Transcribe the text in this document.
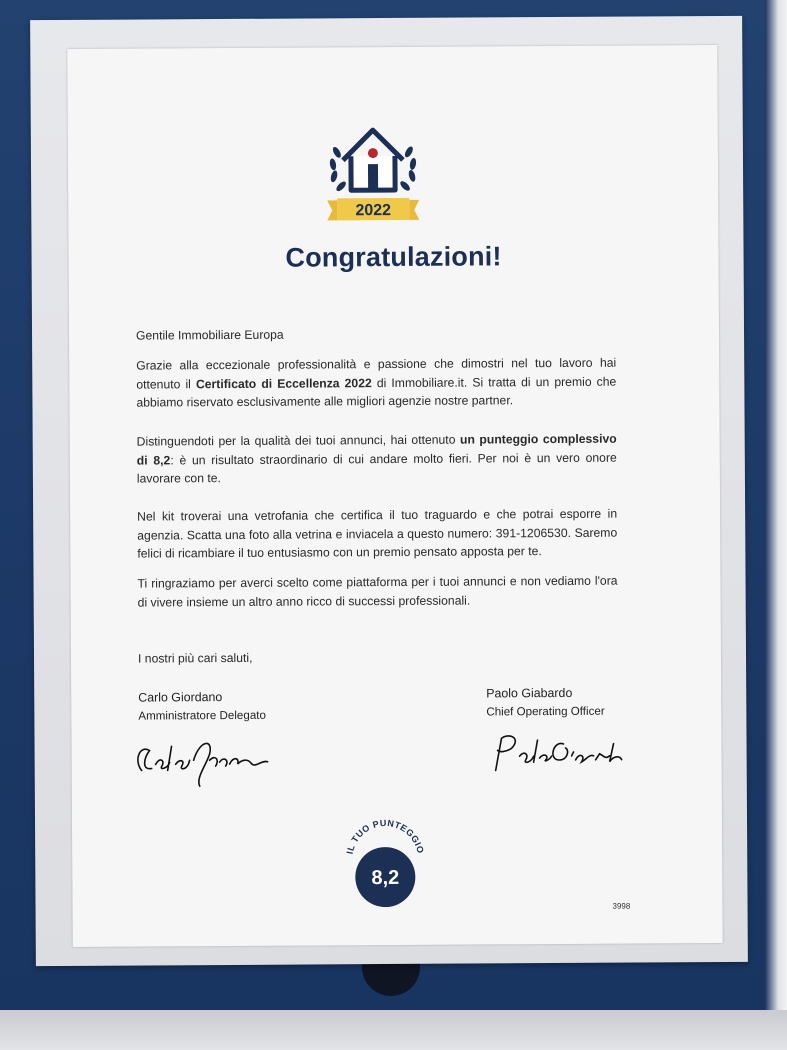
2022
Congratulazioni!
Gentile Immobiliare Europa
Grazie alla eccezionale professionalità e passione che dimostri nel tuo lavoro hai ottenuto il Certificato di Eccellenza 2022 di Immobiliare.it. Si tratta di un premio che abbiamo riservato esclusivamente alle migliori agenzie nostre partner.
Distinguendoti per la qualità dei tuoi annunci, hai ottenuto un punteggio complessivo di 8,2: è un risultato straordinario di cui andare molto fieri. Per noi è un vero onore lavorare con te.
Nel kit troverai una vetrofania che certifica il tuo traguardo e che potrai esporre in agenzia. Scatta una foto alla vetrina e inviacela a questo numero: 391-1206530. Saremo felici di ricambiare il tuo entusiasmo con un premio pensato apposta per te.
Ti ringraziamo per averci scelto come piattaforma per i tuoi annunci e non vediamo l'ora di vivere insieme un altro anno ricco di successi professionali.
I nostri più cari saluti,
Carlo Giordano
Amministratore Delegato
Paolo Giabardo
Chief Operating Officer
IL TUO PUNTEGGIO
8,2
3998
